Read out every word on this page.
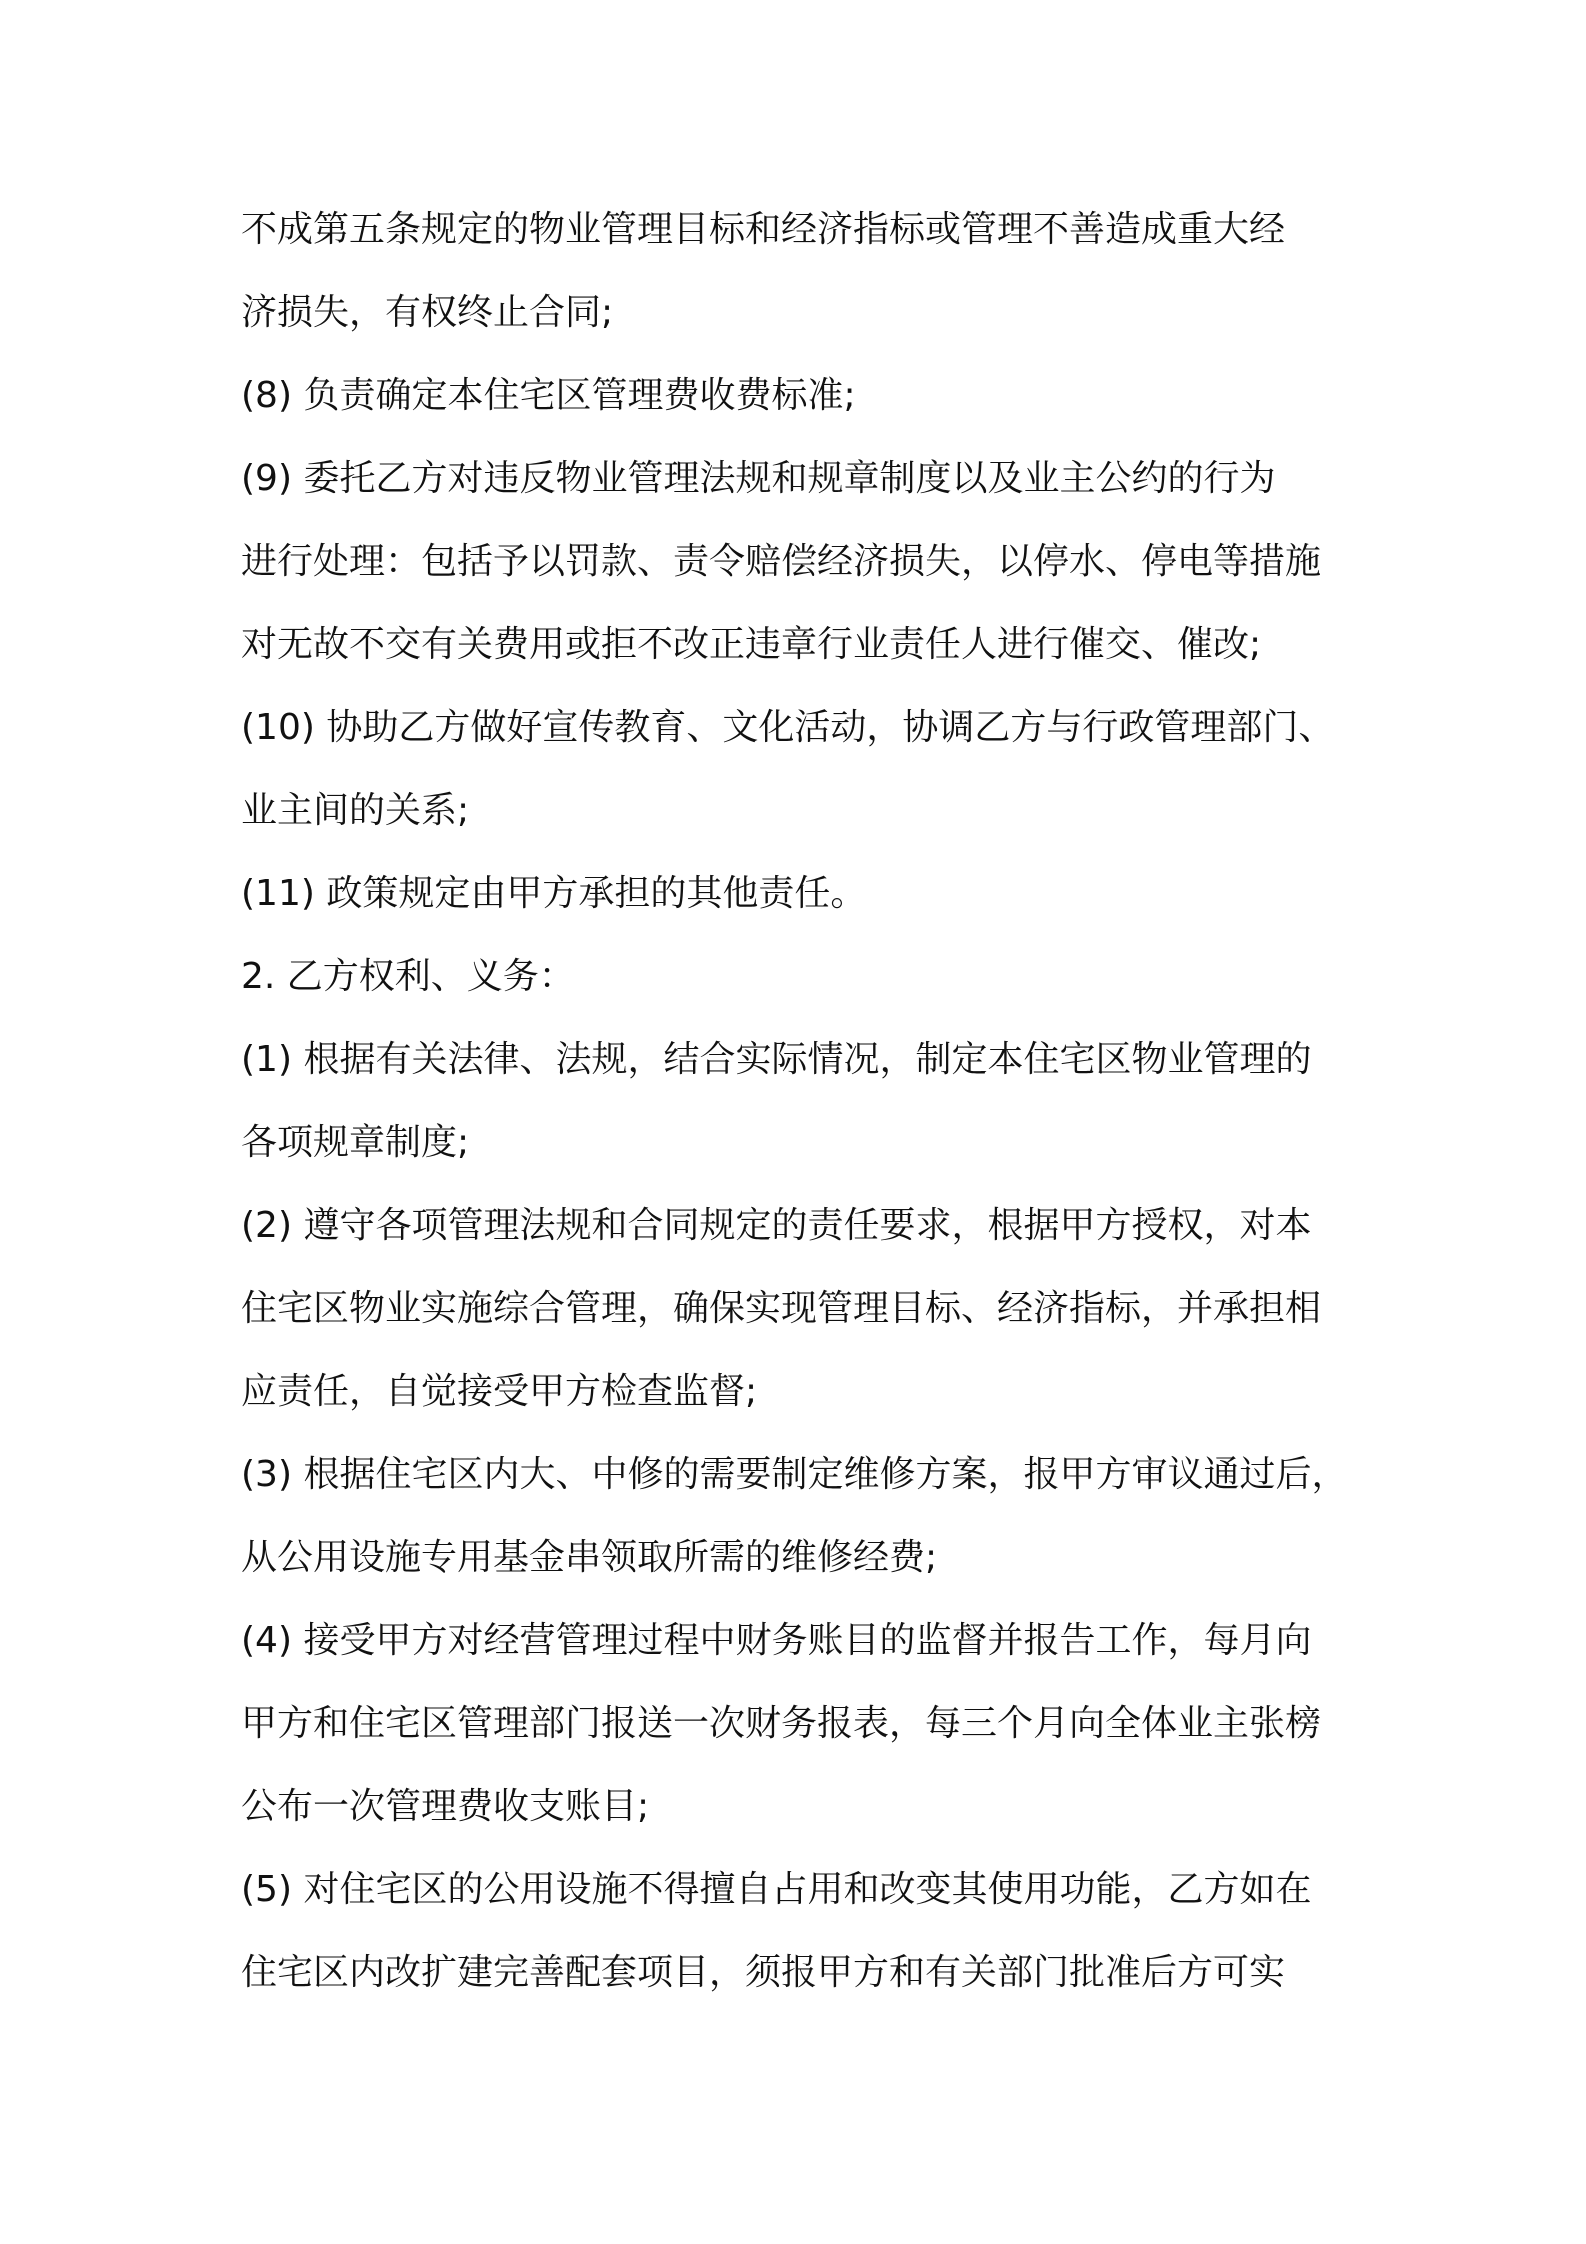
不成第五条规定的物业管理目标和经济指标或管理不善造成重大经
济损失，有权终止合同;
(8) 负责确定本住宅区管理费收费标准;
(9) 委托乙方对违反物业管理法规和规章制度以及业主公约的行为
进行处理：包括予以罚款、责令赔偿经济损失，以停水、停电等措施
对无故不交有关费用或拒不改正违章行业责任人进行催交、催改;
(10) 协助乙方做好宣传教育、文化活动，协调乙方与行政管理部门、
业主间的关系;
(11) 政策规定由甲方承担的其他责任。
2. 乙方权利、义务：
(1) 根据有关法律、法规，结合实际情况，制定本住宅区物业管理的
各项规章制度;
(2) 遵守各项管理法规和合同规定的责任要求，根据甲方授权，对本
住宅区物业实施综合管理，确保实现管理目标、经济指标，并承担相
应责任，自觉接受甲方检查监督;
(3) 根据住宅区内大、中修的需要制定维修方案，报甲方审议通过后，
从公用设施专用基金串领取所需的维修经费;
(4) 接受甲方对经营管理过程中财务账目的监督并报告工作，每月向
甲方和住宅区管理部门报送一次财务报表，每三个月向全体业主张榜
公布一次管理费收支账目;
(5) 对住宅区的公用设施不得擅自占用和改变其使用功能，乙方如在
住宅区内改扩建完善配套项目，须报甲方和有关部门批准后方可实
